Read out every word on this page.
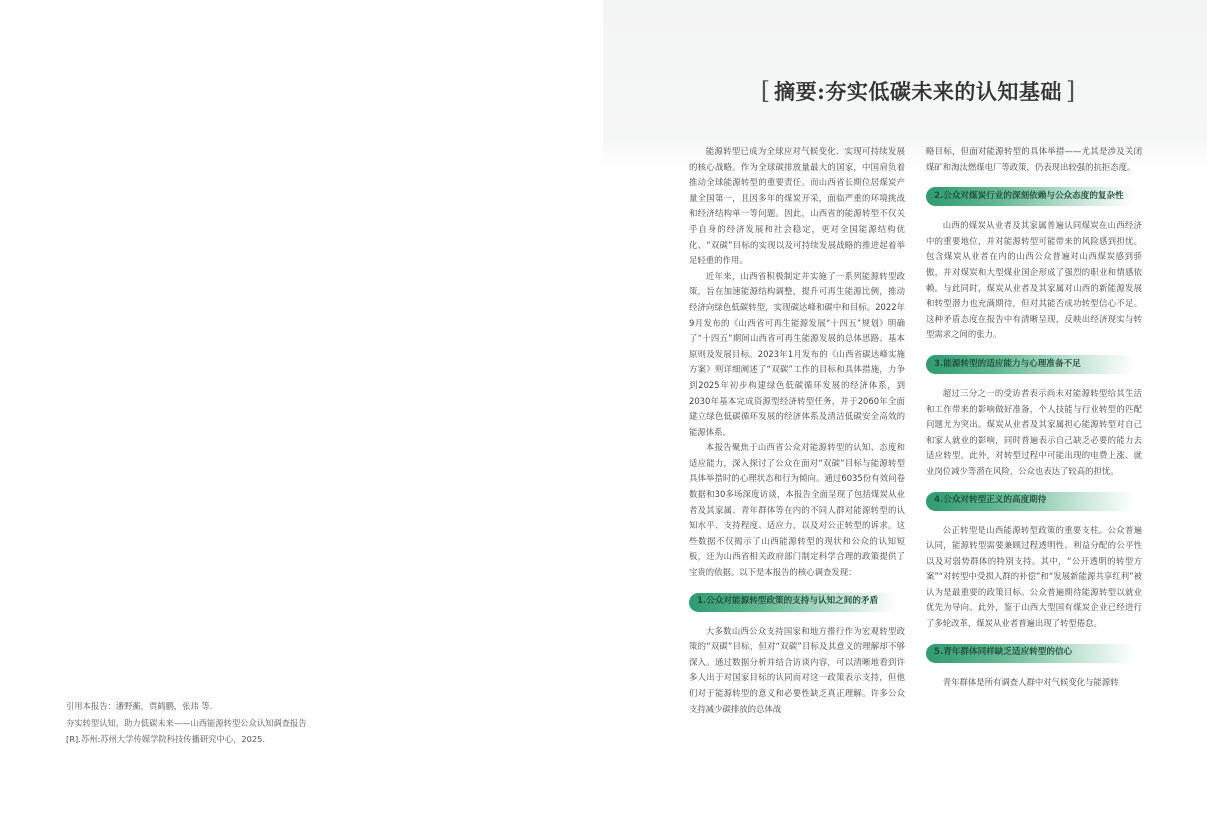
引用本报告：潘野蘅，贾鹤鹏，张玮 等.
夯实转型认知，助力低碳未来——山西能源转型公众认知调查报告
[R].苏州:苏州大学传媒学院科技传播研究中心，2025.
[ 摘要:夯实低碳未来的认知基础 ]

能源转型已成为全球应对气候变化、实现可持续发展的核心战略。作为全球碳排放量最大的国家，中国肩负着推动全球能源转型的重要责任。而山西省长期位居煤炭产量全国第一，且因多年的煤炭开采，面临严重的环境挑战和经济结构单一等问题。因此，山西省的能源转型不仅关乎自身的经济发展和社会稳定，更对全国能源结构优化、“双碳”目标的实现以及可持续发展战略的推进起着举足轻重的作用。

近年来，山西省积极制定并实施了一系列能源转型政策，旨在加速能源结构调整，提升可再生能源比例，推动经济向绿色低碳转型，实现碳达峰和碳中和目标。2022年9月发布的《山西省可再生能源发展“十四五”规划》明确了“十四五”期间山西省可再生能源发展的总体思路、基本原则及发展目标。2023年1月发布的《山西省碳达峰实施方案》则详细阐述了“双碳”工作的目标和具体措施，力争到2025年初步构建绿色低碳循环发展的经济体系，到2030年基本完成资源型经济转型任务，并于2060年全面建立绿色低碳循环发展的经济体系及清洁低碳安全高效的能源体系。

本报告聚焦于山西省公众对能源转型的认知、态度和适应能力，深入探讨了公众在面对“双碳”目标与能源转型具体举措时的心理状态和行为倾向。通过6035份有效问卷数据和30多场深度访谈，本报告全面呈现了包括煤炭从业者及其家属、青年群体等在内的不同人群对能源转型的认知水平、支持程度、适应力，以及对公正转型的诉求。这些数据不仅揭示了山西能源转型的现状和公众的认知短板，还为山西省相关政府部门制定科学合理的政策提供了宝贵的依据。以下是本报告的核心调查发现：

1.公众对能源转型政策的支持与认知之间的矛盾

大多数山西公众支持国家和地方推行作为宏观转型政策的“双碳”目标，但对“双碳”目标及其意义的理解却不够深入。通过数据分析并结合访谈内容，可以清晰地看到许多人出于对国家目标的认同而对这一政策表示支持，但他们对于能源转型的意义和必要性缺乏真正理解。许多公众支持减少碳排放的总体战

略目标，但面对能源转型的具体举措——尤其是涉及关闭煤矿和淘汰燃煤电厂等政策，仍表现出较强的抗拒态度。

2.公众对煤炭行业的深刻依赖与公众态度的复杂性

山西的煤炭从业者及其家属普遍认同煤炭在山西经济中的重要地位，并对能源转型可能带来的风险感到担忧。包含煤炭从业者在内的山西公众普遍对山西煤炭感到骄傲，并对煤炭和大型煤业国企形成了强烈的职业和情感依赖。与此同时，煤炭从业者及其家属对山西的新能源发展和转型潜力也充满期待，但对其能否成功转型信心不足。这种矛盾态度在报告中有清晰呈现，反映出经济现实与转型需求之间的张力。

3.能源转型的适应能力与心理准备不足

超过三分之一的受访者表示尚未对能源转型给其生活和工作带来的影响做好准备，个人技能与行业转型的匹配问题尤为突出。煤炭从业者及其家属担心能源转型对自己和家人就业的影响，同时普遍表示自己缺乏必要的能力去适应转型。此外，对转型过程中可能出现的电费上涨、就业岗位减少等潜在风险，公众也表达了较高的担忧。

4.公众对转型正义的高度期待

公正转型是山西能源转型政策的重要支柱。公众普遍认同，能源转型需要兼顾过程透明性、利益分配的公平性以及对弱势群体的特别支持。其中，“公开透明的转型方案”“对转型中受损人群的补偿”和“发展新能源共享红利”被认为是最重要的政策目标。公众普遍期待能源转型以就业优先为导向。此外，鉴于山西大型国有煤炭企业已经进行了多轮改革，煤炭从业者普遍出现了转型倦怠。

5.青年群体同样缺乏适应转型的信心

青年群体是所有调查人群中对气候变化与能源转
